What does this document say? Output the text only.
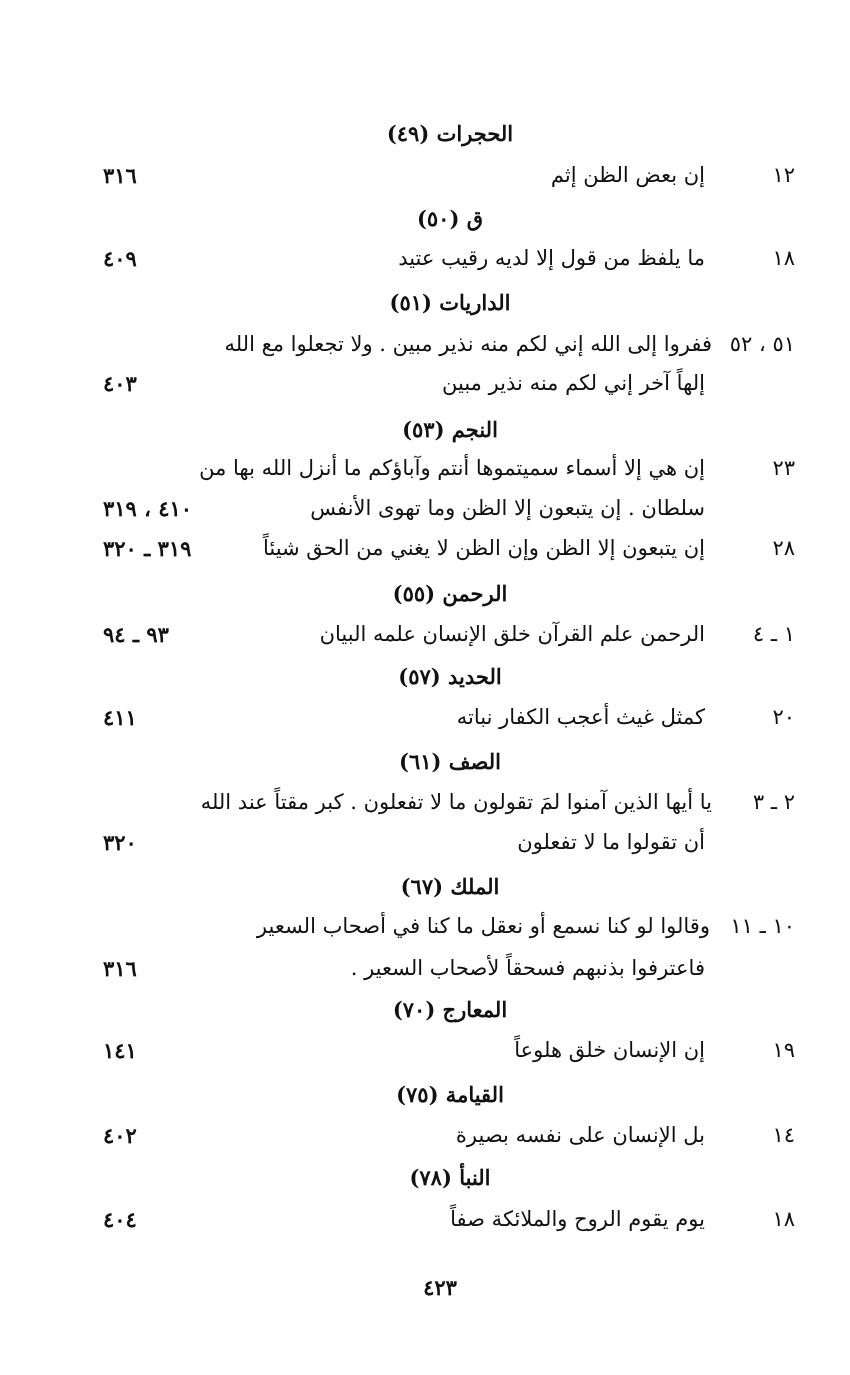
الحجرات (٤٩)
١٢
إن بعض الظن إثم
٣١٦
ق (٥٠)
١٨
ما يلفظ من قول إلا لديه رقيب عتيد
٤٠٩
الداريات (٥١)
٥١ ، ٥٢
ففروا إلى الله إني لكم منه نذير مبين . ولا تجعلوا مع الله
إلهاً آخر إني لكم منه نذير مبين
٤٠٣
النجم (٥٣)
٢٣
إن هي إلا أسماء سميتموها أنتم وآباؤكم ما أنزل الله بها من
سلطان . إن يتبعون إلا الظن وما تهوى الأنفس
٤١٠ ، ٣١٩
٢٨
إن يتبعون إلا الظن وإن الظن لا يغني من الحق شيئاً
٣١٩ ـ ٣٢٠
الرحمن (٥٥)
١ ـ ٤
الرحمن علم القرآن خلق الإنسان علمه البيان
٩٣ ـ ٩٤
الحديد (٥٧)
٢٠
كمثل غيث أعجب الكفار نباته
٤١١
الصف (٦١)
٢ ـ ٣
يا أيها الذين آمنوا لمَ تقولون ما لا تفعلون . كبر مقتاً عند الله
أن تقولوا ما لا تفعلون
٣٢٠
الملك (٦٧)
١٠ ـ ١١
وقالوا لو كنا نسمع أو نعقل ما كنا في أصحاب السعير
فاعترفوا بذنبهم فسحقاً لأصحاب السعير .
٣١٦
المعارج (٧٠)
١٩
إن الإنسان خلق هلوعاً
١٤١
القيامة (٧٥)
١٤
بل الإنسان على نفسه بصيرة
٤٠٢
النبأ (٧٨)
١٨
يوم يقوم الروح والملائكة صفاً
٤٠٤
٤٢٣
